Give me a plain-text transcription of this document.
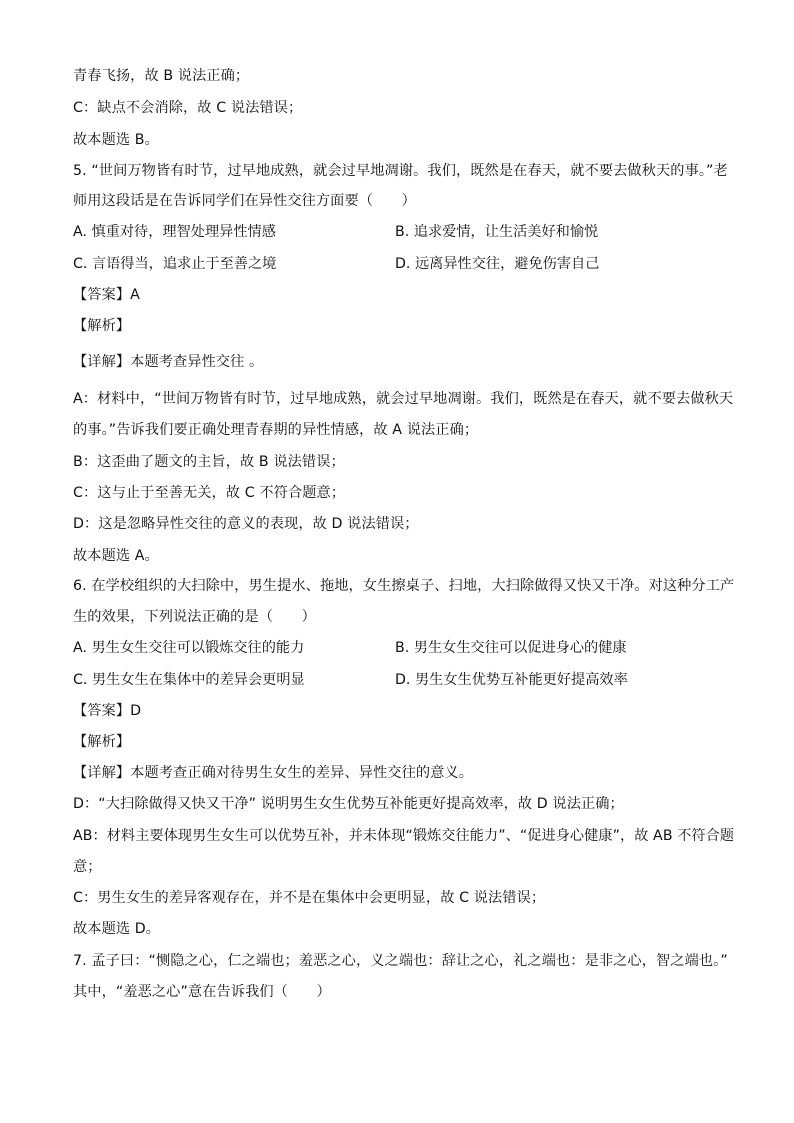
青春飞扬，故 B 说法正确；
C：缺点不会消除，故 C 说法错误；
故本题选 B。
5. “世间万物皆有时节，过早地成熟，就会过早地凋谢。我们，既然是在春天，就不要去做秋天的事。”老
师用这段话是在告诉同学们在异性交往方面要（　　）
A. 慎重对待，理智处理异性情感	B. 追求爱情，让生活美好和愉悦
C. 言语得当，追求止于至善之境	D. 远离异性交往，避免伤害自己
【答案】A
【解析】
【详解】本题考查异性交往 。
A：材料中，“世间万物皆有时节，过早地成熟，就会过早地凋谢。我们，既然是在春天，就不要去做秋天
的事。”告诉我们要正确处理青春期的异性情感，故 A 说法正确；
B：这歪曲了题文的主旨，故 B 说法错误；
C：这与止于至善无关，故 C 不符合题意；
D：这是忽略异性交往的意义的表现，故 D 说法错误；
故本题选 A。
6. 在学校组织的大扫除中，男生提水、拖地，女生擦桌子、扫地，大扫除做得又快又干净。对这种分工产
生的效果，下列说法正确的是（　　）
A. 男生女生交往可以锻炼交往的能力	B. 男生女生交往可以促进身心的健康
C. 男生女生在集体中的差异会更明显	D. 男生女生优势互补能更好提高效率
【答案】D
【解析】
【详解】本题考查正确对待男生女生的差异、异性交往的意义。
D：“大扫除做得又快又干净” 说明男生女生优势互补能更好提高效率，故 D 说法正确；
AB：材料主要体现男生女生可以优势互补，并未体现“锻炼交往能力”、“促进身心健康”，故 AB 不符合题
意；
C：男生女生的差异客观存在，并不是在集体中会更明显，故 C 说法错误；
故本题选 D。
7. 孟子曰：“恻隐之心，仁之端也；羞恶之心，义之端也：辞让之心，礼之端也：是非之心，智之端也。”
其中，“羞恶之心”意在告诉我们（　　）
